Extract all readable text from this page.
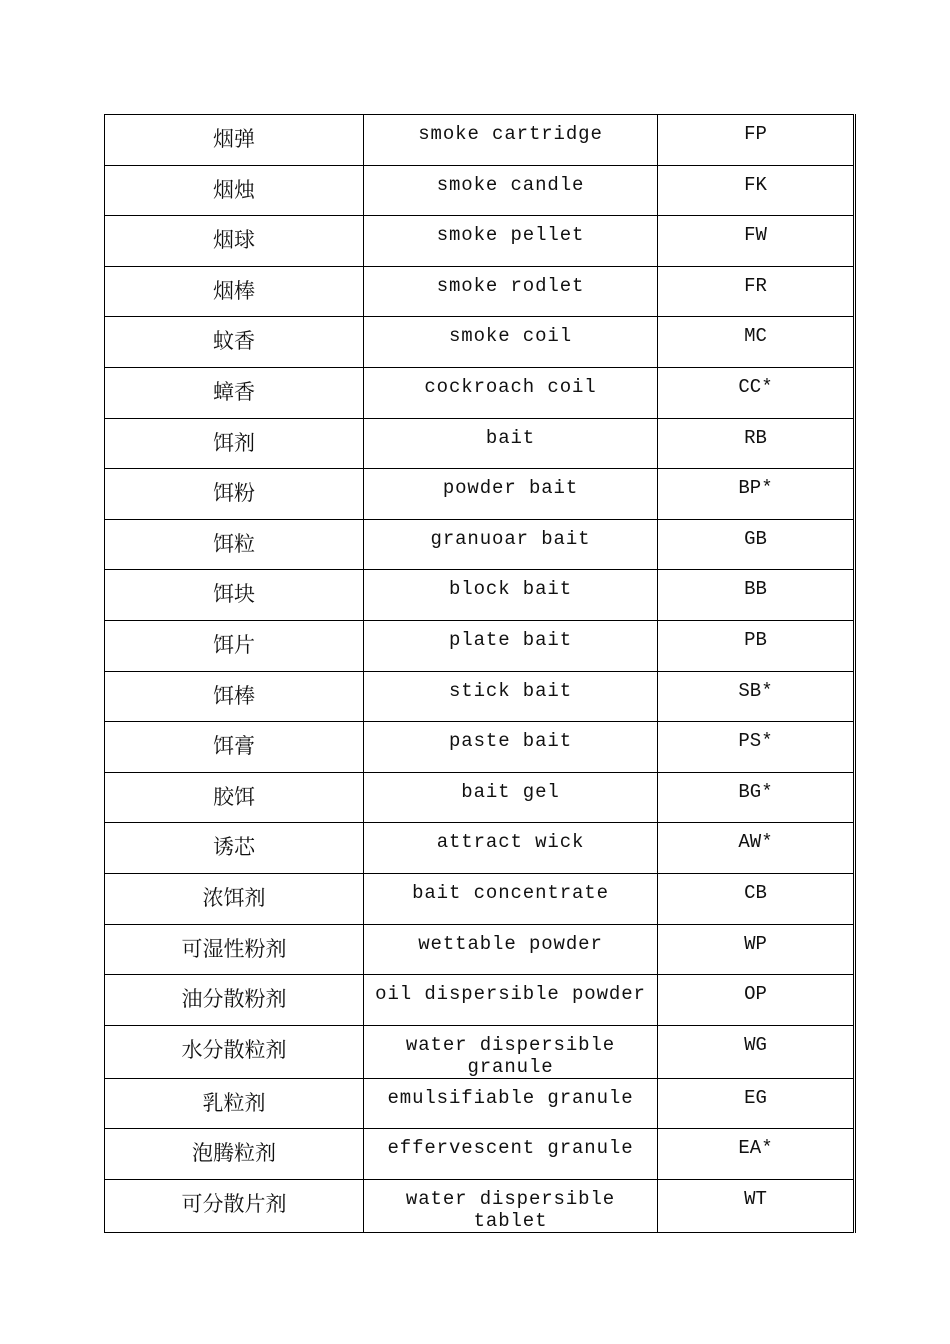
烟弹	smoke cartridge	FP

烟烛	smoke candle	FK

烟球	smoke pellet	FW

烟棒	smoke rodlet	FR

蚊香	smoke coil	MC

蟑香	cockroach coil	CC*

饵剂	bait	RB

饵粉	powder bait	BP*

饵粒	granuoar bait	GB

饵块	block bait	BB

饵片	plate bait	PB

饵棒	stick bait	SB*

饵膏	paste bait	PS*

胶饵	bait gel	BG*

诱芯	attract wick	AW*

浓饵剂	bait concentrate	CB

可湿性粉剂	wettable powder	WP

油分散粉剂	oil dispersible powder	OP

水分散粒剂	water dispersible granule	WG

乳粒剂	emulsifiable granule	EG

泡腾粒剂	effervescent granule	EA*

可分散片剂	water dispersible tablet	WT
